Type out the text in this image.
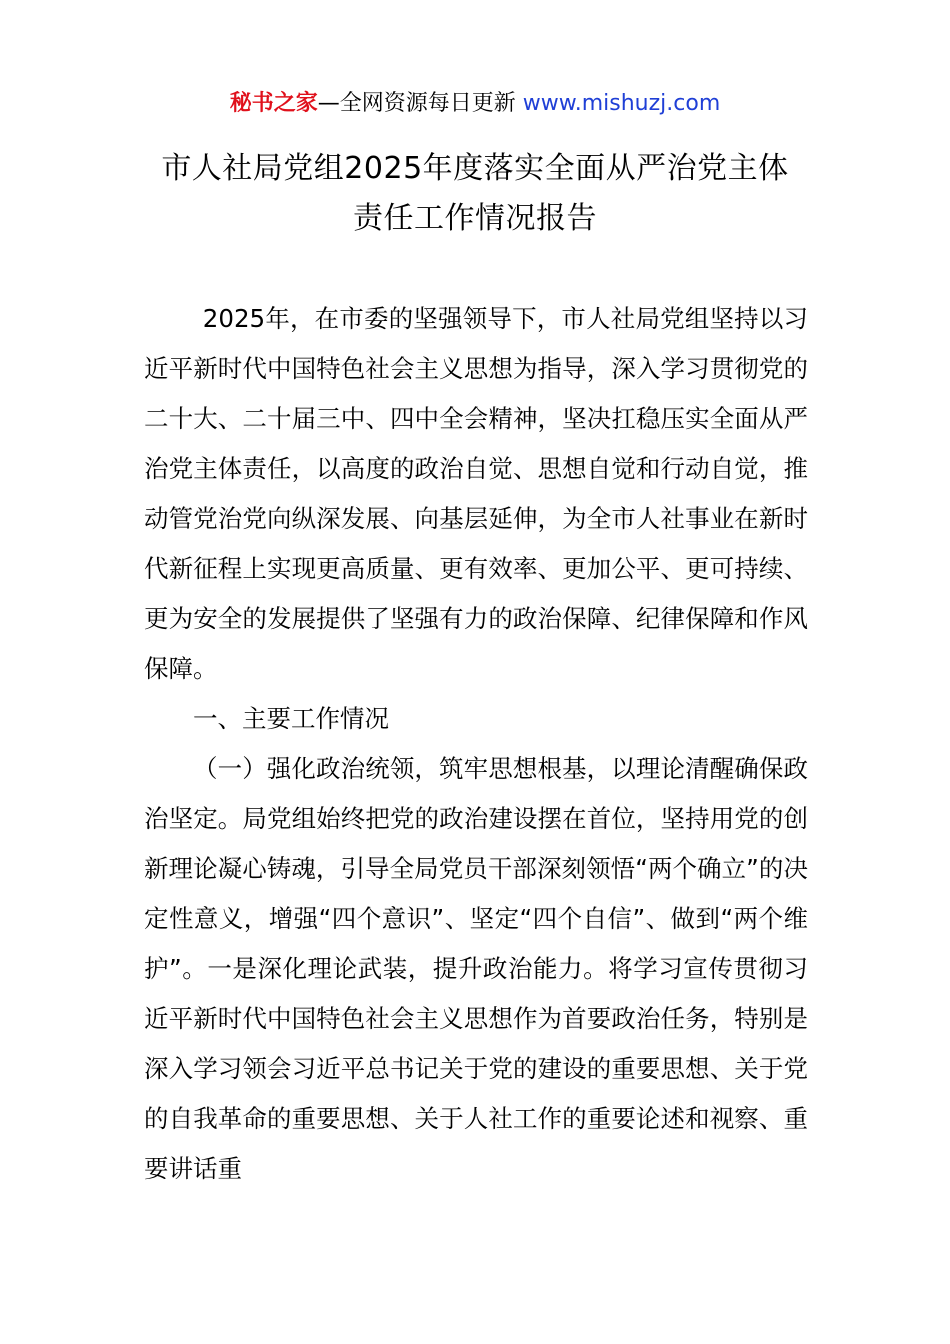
秘书之家—全网资源每日更新 www.mishuzj.com
市人社局党组2025年度落实全面从严治党主体
责任工作情况报告

2025年，在市委的坚强领导下，市人社局党组坚持以习近平新时代中国特色社会主义思想为指导，深入学习贯彻党的二十大、二十届三中、四中全会精神，坚决扛稳压实全面从严治党主体责任，以高度的政治自觉、思想自觉和行动自觉，推动管党治党向纵深发展、向基层延伸，为全市人社事业在新时代新征程上实现更高质量、更有效率、更加公平、更可持续、更为安全的发展提供了坚强有力的政治保障、纪律保障和作风保障。

一、主要工作情况

（一）强化政治统领，筑牢思想根基，以理论清醒确保政治坚定。局党组始终把党的政治建设摆在首位，坚持用党的创新理论凝心铸魂，引导全局党员干部深刻领悟“两个确立”的决定性意义，增强“四个意识”、坚定“四个自信”、做到“两个维护”。一是深化理论武装，提升政治能力。将学习宣传贯彻习近平新时代中国特色社会主义思想作为首要政治任务，特别是深入学习领会习近平总书记关于党的建设的重要思想、关于党的自我革命的重要思想、关于人社工作的重要论述和视察、重要讲话重
